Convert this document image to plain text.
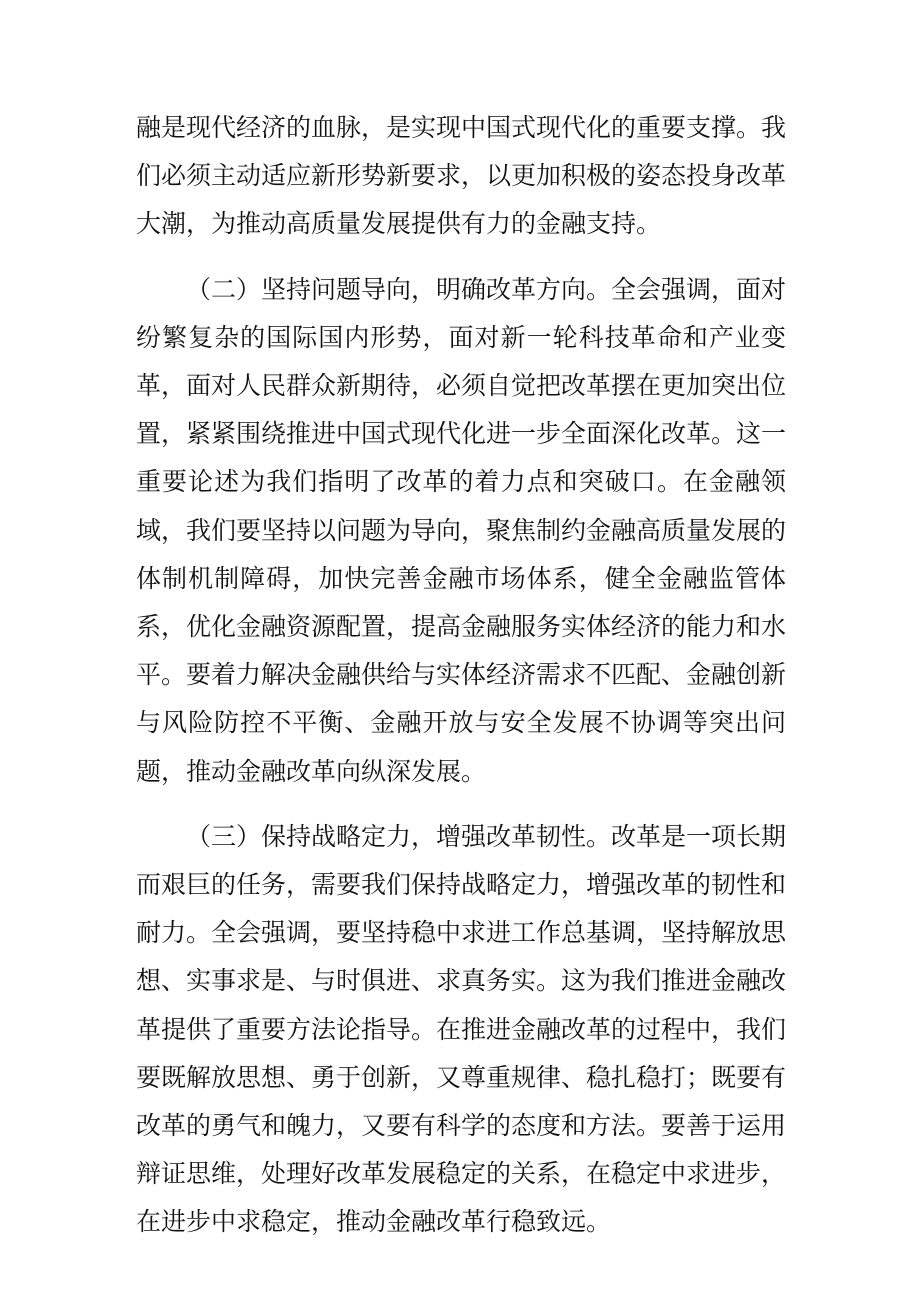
融是现代经济的血脉，是实现中国式现代化的重要支撑。我们必须主动适应新形势新要求，以更加积极的姿态投身改革大潮，为推动高质量发展提供有力的金融支持。

（二）坚持问题导向，明确改革方向。全会强调，面对纷繁复杂的国际国内形势，面对新一轮科技革命和产业变革，面对人民群众新期待，必须自觉把改革摆在更加突出位置，紧紧围绕推进中国式现代化进一步全面深化改革。这一重要论述为我们指明了改革的着力点和突破口。在金融领域，我们要坚持以问题为导向，聚焦制约金融高质量发展的体制机制障碍，加快完善金融市场体系，健全金融监管体系，优化金融资源配置，提高金融服务实体经济的能力和水平。要着力解决金融供给与实体经济需求不匹配、金融创新与风险防控不平衡、金融开放与安全发展不协调等突出问题，推动金融改革向纵深发展。

（三）保持战略定力，增强改革韧性。改革是一项长期而艰巨的任务，需要我们保持战略定力，增强改革的韧性和耐力。全会强调，要坚持稳中求进工作总基调，坚持解放思想、实事求是、与时俱进、求真务实。这为我们推进金融改革提供了重要方法论指导。在推进金融改革的过程中，我们要既解放思想、勇于创新，又尊重规律、稳扎稳打；既要有改革的勇气和魄力，又要有科学的态度和方法。要善于运用辩证思维，处理好改革发展稳定的关系，在稳定中求进步，在进步中求稳定，推动金融改革行稳致远。
